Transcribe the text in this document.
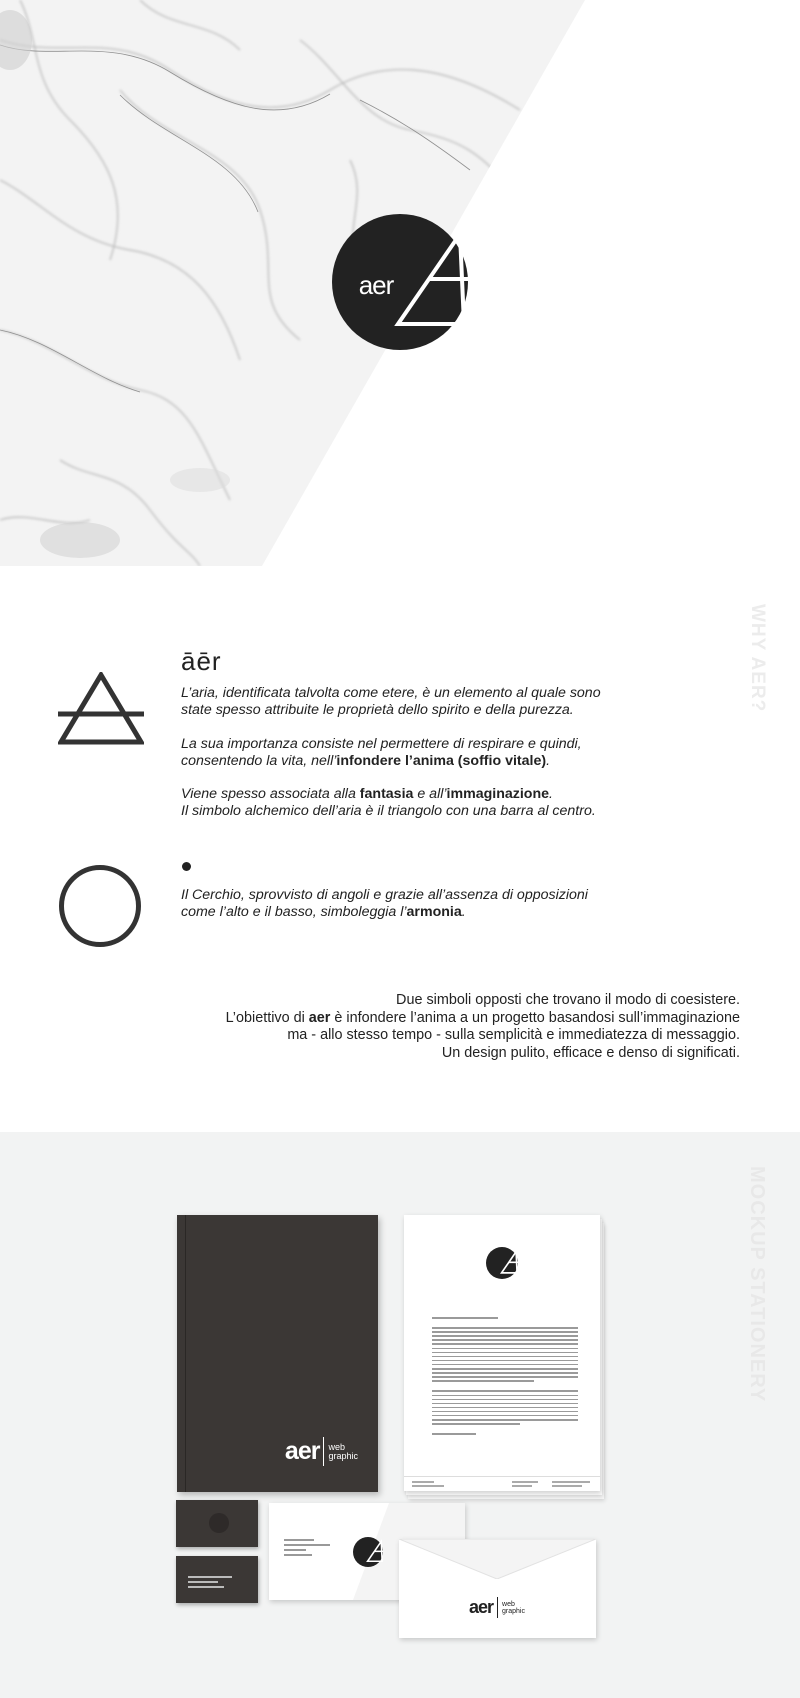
aer
WHY AER?
āēr
L’aria, identificata talvolta come etere, è un elemento al quale sono
state spesso attribuite le proprietà dello spirito e della purezza.
La sua importanza consiste nel permettere di respirare e quindi,
consentendo la vita, nell’infondere l’anima (soffio vitale).
Viene spesso associata alla fantasia e all’immaginazione.
Il simbolo alchemico dell’aria è il triangolo con una barra al centro.
Il Cerchio, sprovvisto di angoli e grazie all’assenza di opposizioni
come l’alto e il basso, simboleggia l’armonia.
Due simboli opposti che trovano il modo di coesistere.
L’obiettivo di aer è infondere l’anima a un progetto basandosi sull’immaginazione
ma - allo stesso tempo - sulla semplicità e immediatezza di messaggio.
Un design pulito, efficace e denso di significati.
MOCKUP STATIONERY
aer web
graphic
aer web
graphic
